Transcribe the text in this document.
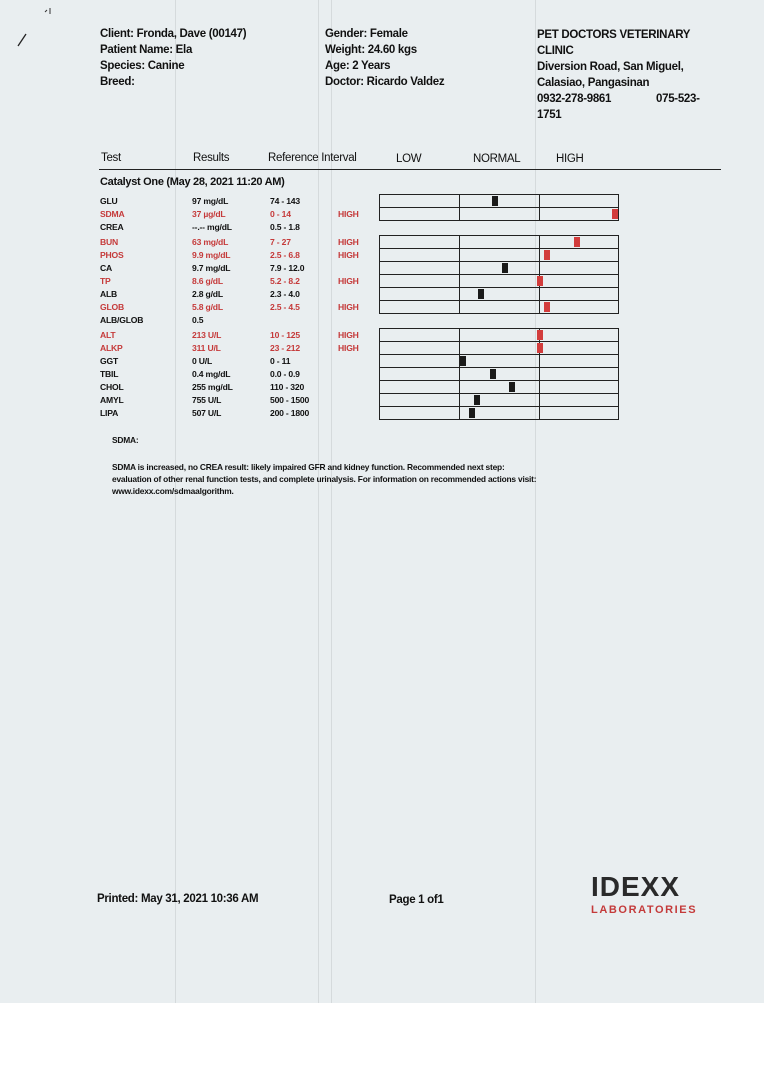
Client: Fronda, Dave (00147)
Patient Name: Ela
Species: Canine
Breed:
Gender: Female
Weight: 24.60 kgs
Age: 2 Years
Doctor: Ricardo Valdez
PET DOCTORS VETERINARY
CLINIC
Diversion Road, San Miguel,
Calasiao, Pangasinan
0932-278-9861	075-523-
1751
Test	Results	Reference Interval	LOW	NORMAL	HIGH
Catalyst One (May 28, 2021 11:20 AM)
GLU	97 mg/dL	74 - 143
SDMA	37 µg/dL	0 - 14	HIGH
CREA	--.-- mg/dL	0.5 - 1.8
BUN	63 mg/dL	7 - 27	HIGH
PHOS	9.9 mg/dL	2.5 - 6.8	HIGH
CA	9.7 mg/dL	7.9 - 12.0
TP	8.6 g/dL	5.2 - 8.2	HIGH
ALB	2.8 g/dL	2.3 - 4.0
GLOB	5.8 g/dL	2.5 - 4.5	HIGH
ALB/GLOB	0.5
ALT	213 U/L	10 - 125	HIGH
ALKP	311 U/L	23 - 212	HIGH
GGT	0 U/L	0 - 11
TBIL	0.4 mg/dL	0.0 - 0.9
CHOL	255 mg/dL	110 - 320
AMYL	755 U/L	500 - 1500
LIPA	507 U/L	200 - 1800
SDMA:
SDMA is increased, no CREA result: likely impaired GFR and kidney function. Recommended next step:
evaluation of other renal function tests, and complete urinalysis. For information on recommended actions visit:
www.idexx.com/sdmaalgorithm.
Printed: May 31, 2021 10:36 AM	Page 1 of1	IDEXX
LABORATORIES
